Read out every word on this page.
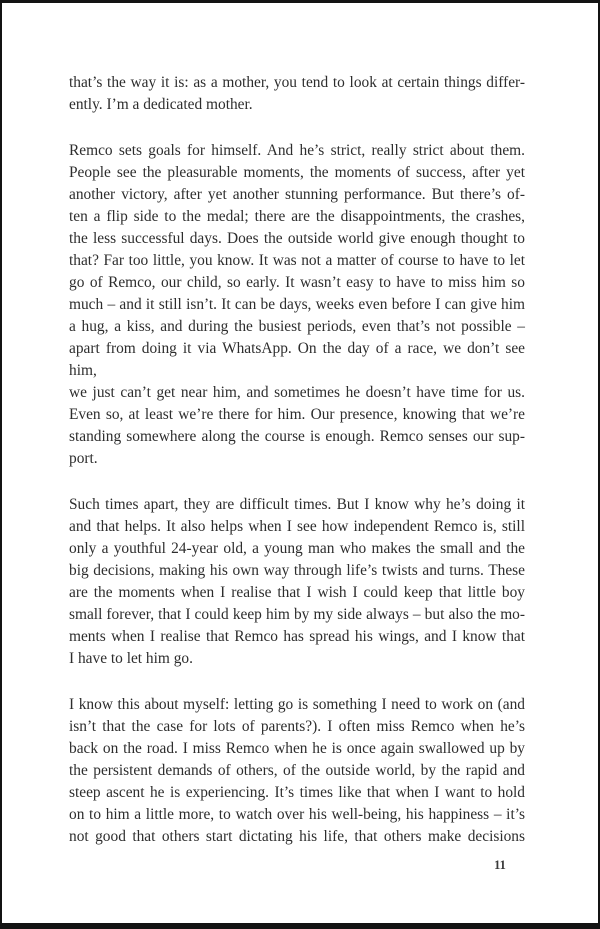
that’s the way it is: as a mother, you tend to look at certain things differ-
ently. I’m a dedicated mother.
Remco sets goals for himself. And he’s strict, really strict about them.
People see the pleasurable moments, the moments of success, after yet
another victory, after yet another stunning performance. But there’s of-
ten a flip side to the medal; there are the disappointments, the crashes,
the less successful days. Does the outside world give enough thought to
that? Far too little, you know. It was not a matter of course to have to let
go of Remco, our child, so early. It wasn’t easy to have to miss him so
much – and it still isn’t. It can be days, weeks even before I can give him
a hug, a kiss, and during the busiest periods, even that’s not possible –
apart from doing it via WhatsApp. On the day of a race, we don’t see him,
we just can’t get near him, and sometimes he doesn’t have time for us.
Even so, at least we’re there for him. Our presence, knowing that we’re
standing somewhere along the course is enough. Remco senses our sup-
port.
Such times apart, they are difficult times. But I know why he’s doing it
and that helps. It also helps when I see how independent Remco is, still
only a youthful 24-year old, a young man who makes the small and the
big decisions, making his own way through life’s twists and turns. These
are the moments when I realise that I wish I could keep that little boy
small forever, that I could keep him by my side always – but also the mo-
ments when I realise that Remco has spread his wings, and I know that
I have to let him go.
I know this about myself: letting go is something I need to work on (and
isn’t that the case for lots of parents?). I often miss Remco when he’s
back on the road. I miss Remco when he is once again swallowed up by
the persistent demands of others, of the outside world, by the rapid and
steep ascent he is experiencing. It’s times like that when I want to hold
on to him a little more, to watch over his well-being, his happiness – it’s
not good that others start dictating his life, that others make decisions
11
